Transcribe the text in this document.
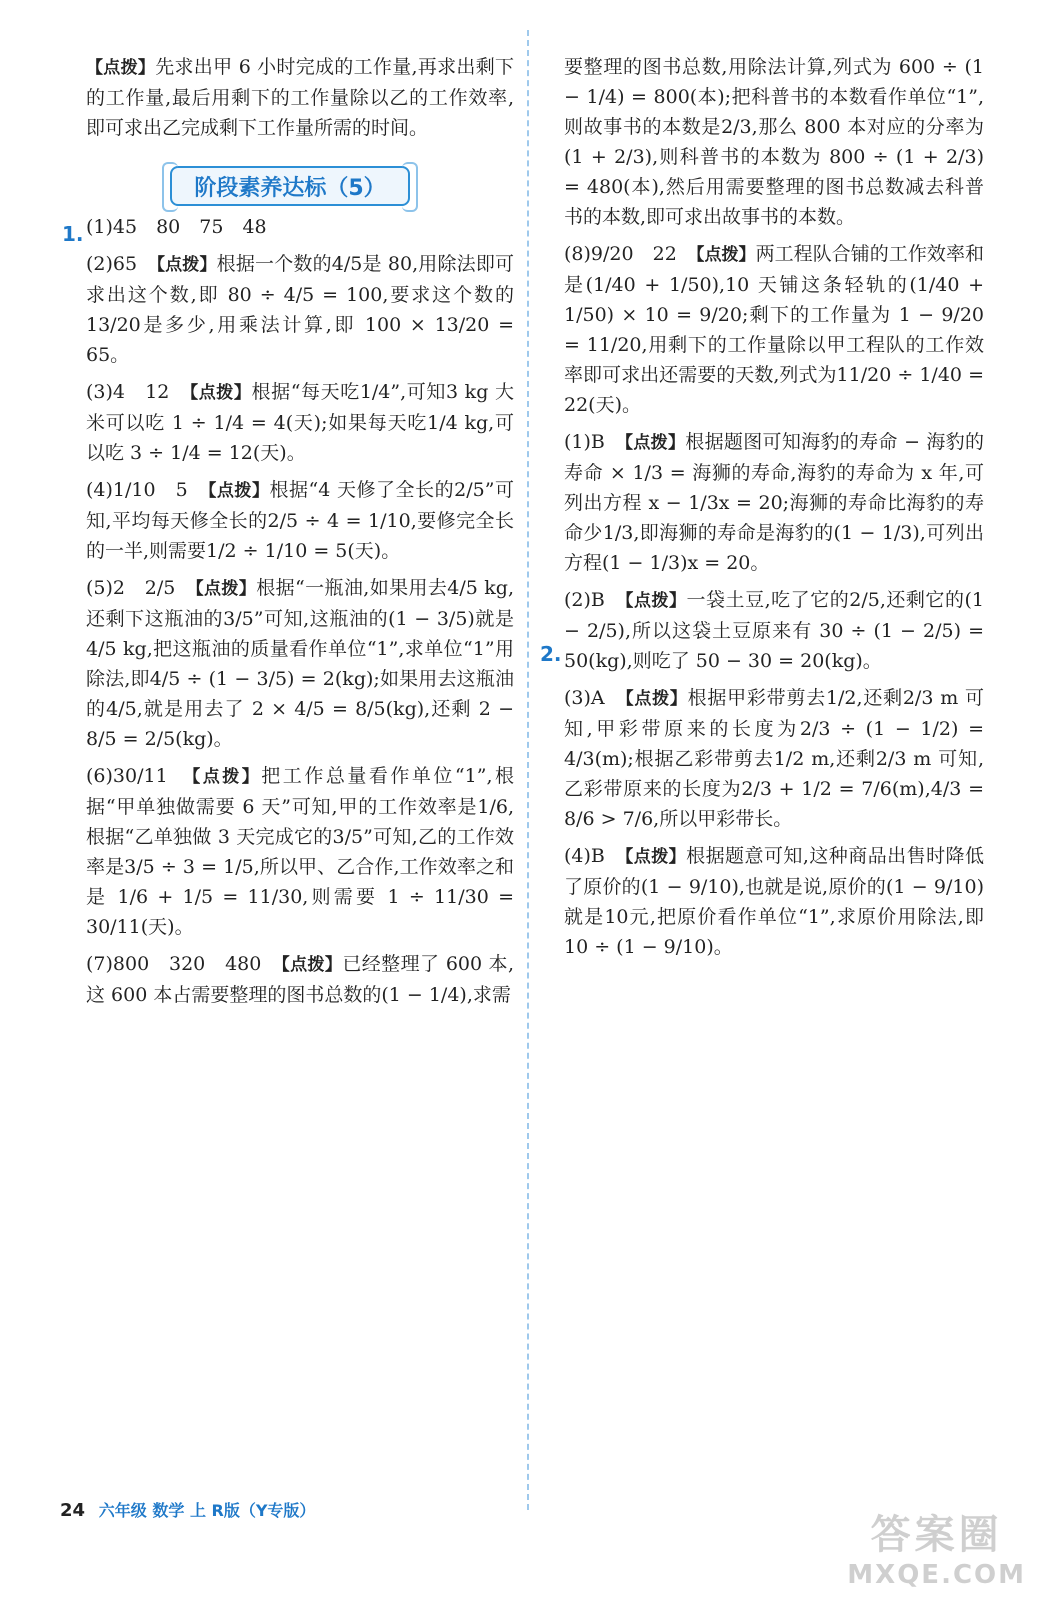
【点拨】先求出甲 6 小时完成的工作量,再求出剩下的工作量,最后用剩下的工作量除以乙的工作效率,即可求出乙完成剩下工作量所需的时间。

(1)45　80　75　48

(2)65　【点拨】根据一个数的4/5是 80,用除法即可求出这个数,即 80 ÷ 4/5 = 100,要求这个数的13/20是多少,用乘法计算,即 100 × 13/20 = 65。

(3)4　12　【点拨】根据“每天吃1/4”,可知3 kg 大米可以吃 1 ÷ 1/4 = 4(天);如果每天吃1/4 kg,可以吃 3 ÷ 1/4 = 12(天)。

(4)1/10　5　【点拨】根据“4 天修了全长的2/5”可知,平均每天修全长的2/5 ÷ 4 = 1/10,要修完全长的一半,则需要1/2 ÷ 1/10 = 5(天)。

(5)2　2/5　【点拨】根据“一瓶油,如果用去4/5 kg,还剩下这瓶油的3/5”可知,这瓶油的(1 − 3/5)就是4/5 kg,把这瓶油的质量看作单位“1”,求单位“1”用除法,即4/5 ÷ (1 − 3/5) = 2(kg);如果用去这瓶油的4/5,就是用去了 2 × 4/5 = 8/5(kg),还剩 2 − 8/5 = 2/5(kg)。

(6)30/11　【点拨】把工作总量看作单位“1”,根据“甲单独做需要 6 天”可知,甲的工作效率是1/6,根据“乙单独做 3 天完成它的3/5”可知,乙的工作效率是3/5 ÷ 3 = 1/5,所以甲、乙合作,工作效率之和是 1/6 + 1/5 = 11/30,则需要 1 ÷ 11/30 = 30/11(天)。

(7)800　320　480　【点拨】已经整理了 600 本,这 600 本占需要整理的图书总数的(1 − 1/4),求需

阶段素养达标（5）
1.
2.

要整理的图书总数,用除法计算,列式为 600 ÷ (1 − 1/4) = 800(本);把科普书的本数看作单位“1”,则故事书的本数是2/3,那么 800 本对应的分率为(1 + 2/3),则科普书的本数为 800 ÷ (1 + 2/3) = 480(本),然后用需要整理的图书总数减去科普书的本数,即可求出故事书的本数。

(8)9/20　22　【点拨】两工程队合铺的工作效率和是(1/40 + 1/50),10 天铺这条轻轨的(1/40 + 1/50) × 10 = 9/20;剩下的工作量为 1 − 9/20 = 11/20,用剩下的工作量除以甲工程队的工作效率即可求出还需要的天数,列式为11/20 ÷ 1/40 = 22(天)。

(1)B　【点拨】根据题图可知海豹的寿命 − 海豹的寿命 × 1/3 = 海狮的寿命,海豹的寿命为 x 年,可列出方程 x − 1/3x = 20;海狮的寿命比海豹的寿命少1/3,即海狮的寿命是海豹的(1 − 1/3),可列出方程(1 − 1/3)x = 20。

(2)B　【点拨】一袋土豆,吃了它的2/5,还剩它的(1 − 2/5),所以这袋土豆原来有 30 ÷ (1 − 2/5) = 50(kg),则吃了 50 − 30 = 20(kg)。

(3)A　【点拨】根据甲彩带剪去1/2,还剩2/3 m 可知,甲彩带原来的长度为2/3 ÷ (1 − 1/2) = 4/3(m);根据乙彩带剪去1/2 m,还剩2/3 m 可知,乙彩带原来的长度为2/3 + 1/2 = 7/6(m),4/3 = 8/6 > 7/6,所以甲彩带长。

(4)B　【点拨】根据题意可知,这种商品出售时降低了原价的(1 − 9/10),也就是说,原价的(1 − 9/10)就是10元,把原价看作单位“1”,求原价用除法,即 10 ÷ (1 − 9/10)。

24 六年级 数学 上 R版（Y专版）
答案圈
MXQE.COM
